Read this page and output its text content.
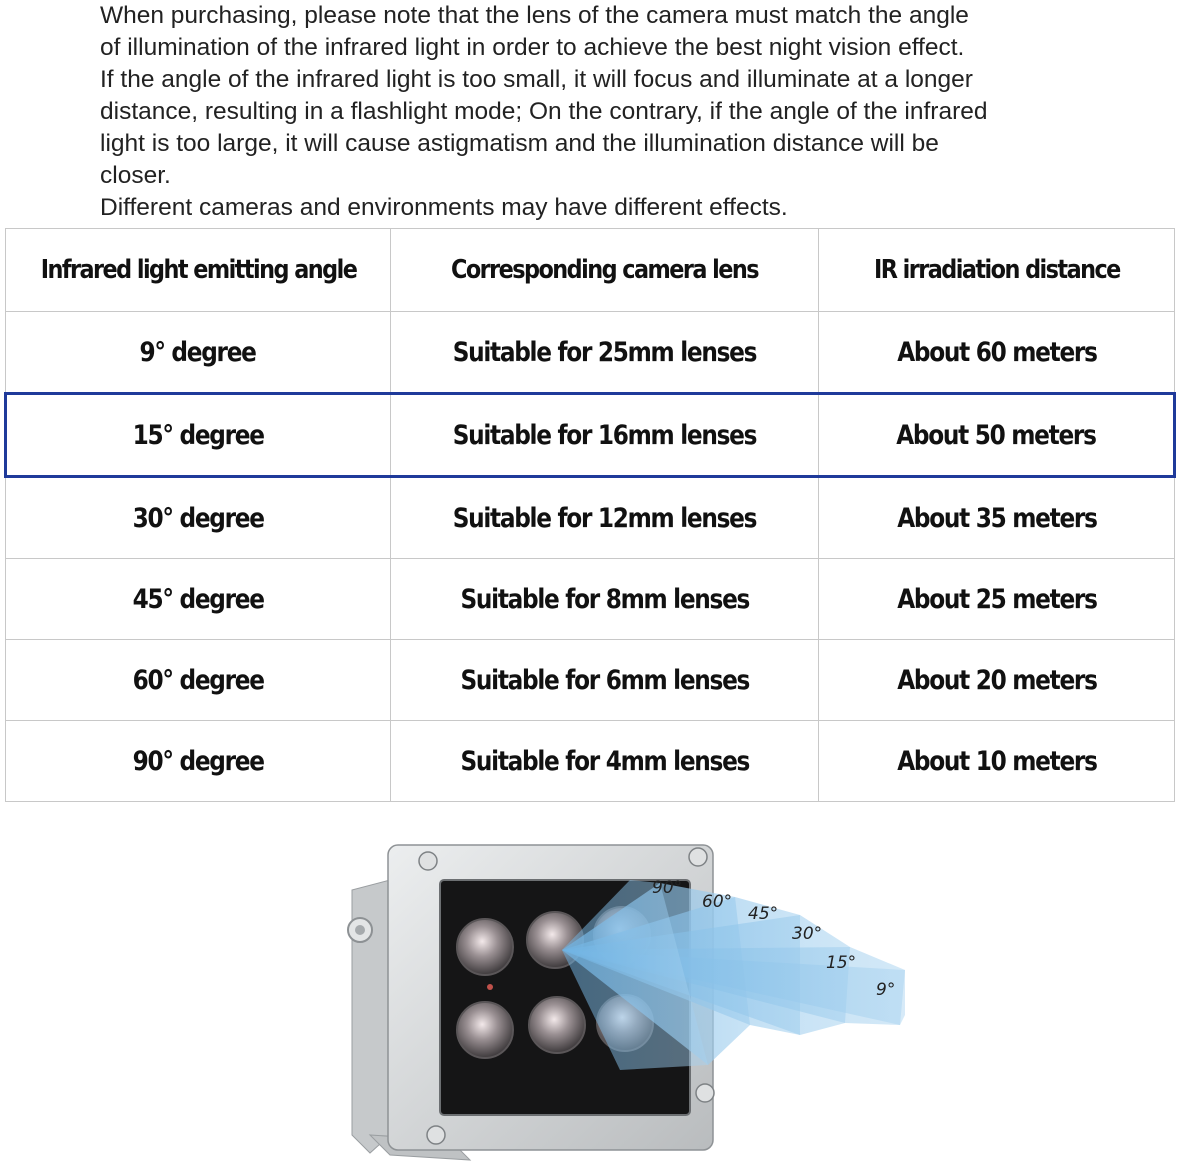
When purchasing, please note that the lens of the camera must match the angle
of illumination of the infrared light in order to achieve the best night vision effect.
If the angle of the infrared light is too small, it will focus and illuminate at a longer
distance, resulting in a flashlight mode; On the contrary, if the angle of the infrared
light is too large, it will cause astigmatism and the illumination distance will be
closer.
Different cameras and environments may have different effects.
Infrared light emitting angle	Corresponding camera lens	IR irradiation distance
9° degree	Suitable for 25mm lenses	About 60 meters
15° degree	Suitable for 16mm lenses	About 50 meters
30° degree	Suitable for 12mm lenses	About 35 meters
45° degree	Suitable for 8mm lenses	About 25 meters
60° degree	Suitable for 6mm lenses	About 20 meters
90° degree	Suitable for 4mm lenses	About 10 meters
90°
60°
45°
30°
15°
9°
